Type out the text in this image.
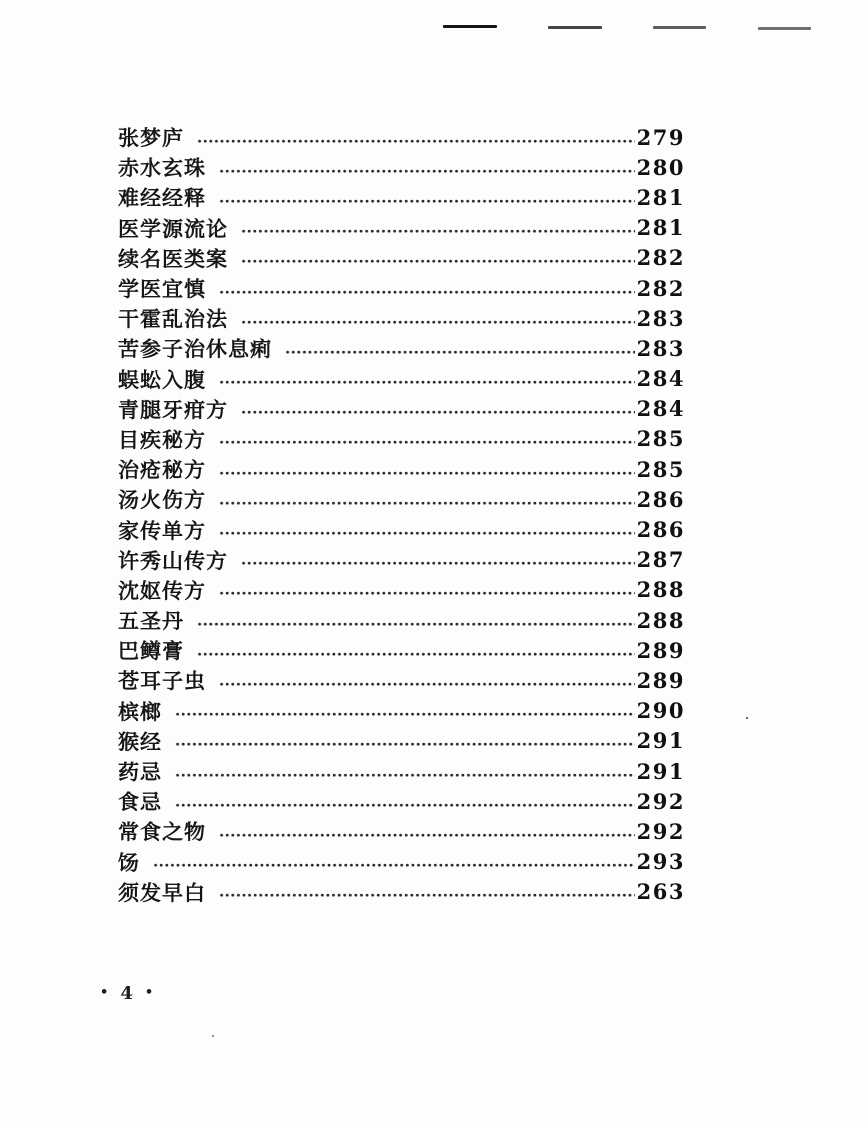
张梦庐	279
赤水玄珠	280
难经经释	281
医学源流论	281
续名医类案	282
学医宜慎	282
干霍乱治法	283
苦参子治休息痢	283
蜈蚣入腹	284
青腿牙疳方	284
目疾秘方	285
治疮秘方	285
汤火伤方	286
家传单方	286
许秀山传方	287
沈妪传方	288
五圣丹	288
巴鳟膏	289
苍耳子虫	289
槟榔	290
猴经	291
药忌	291
食忌	292
常食之物	292
饧	293
须发早白	263
• 4 •
